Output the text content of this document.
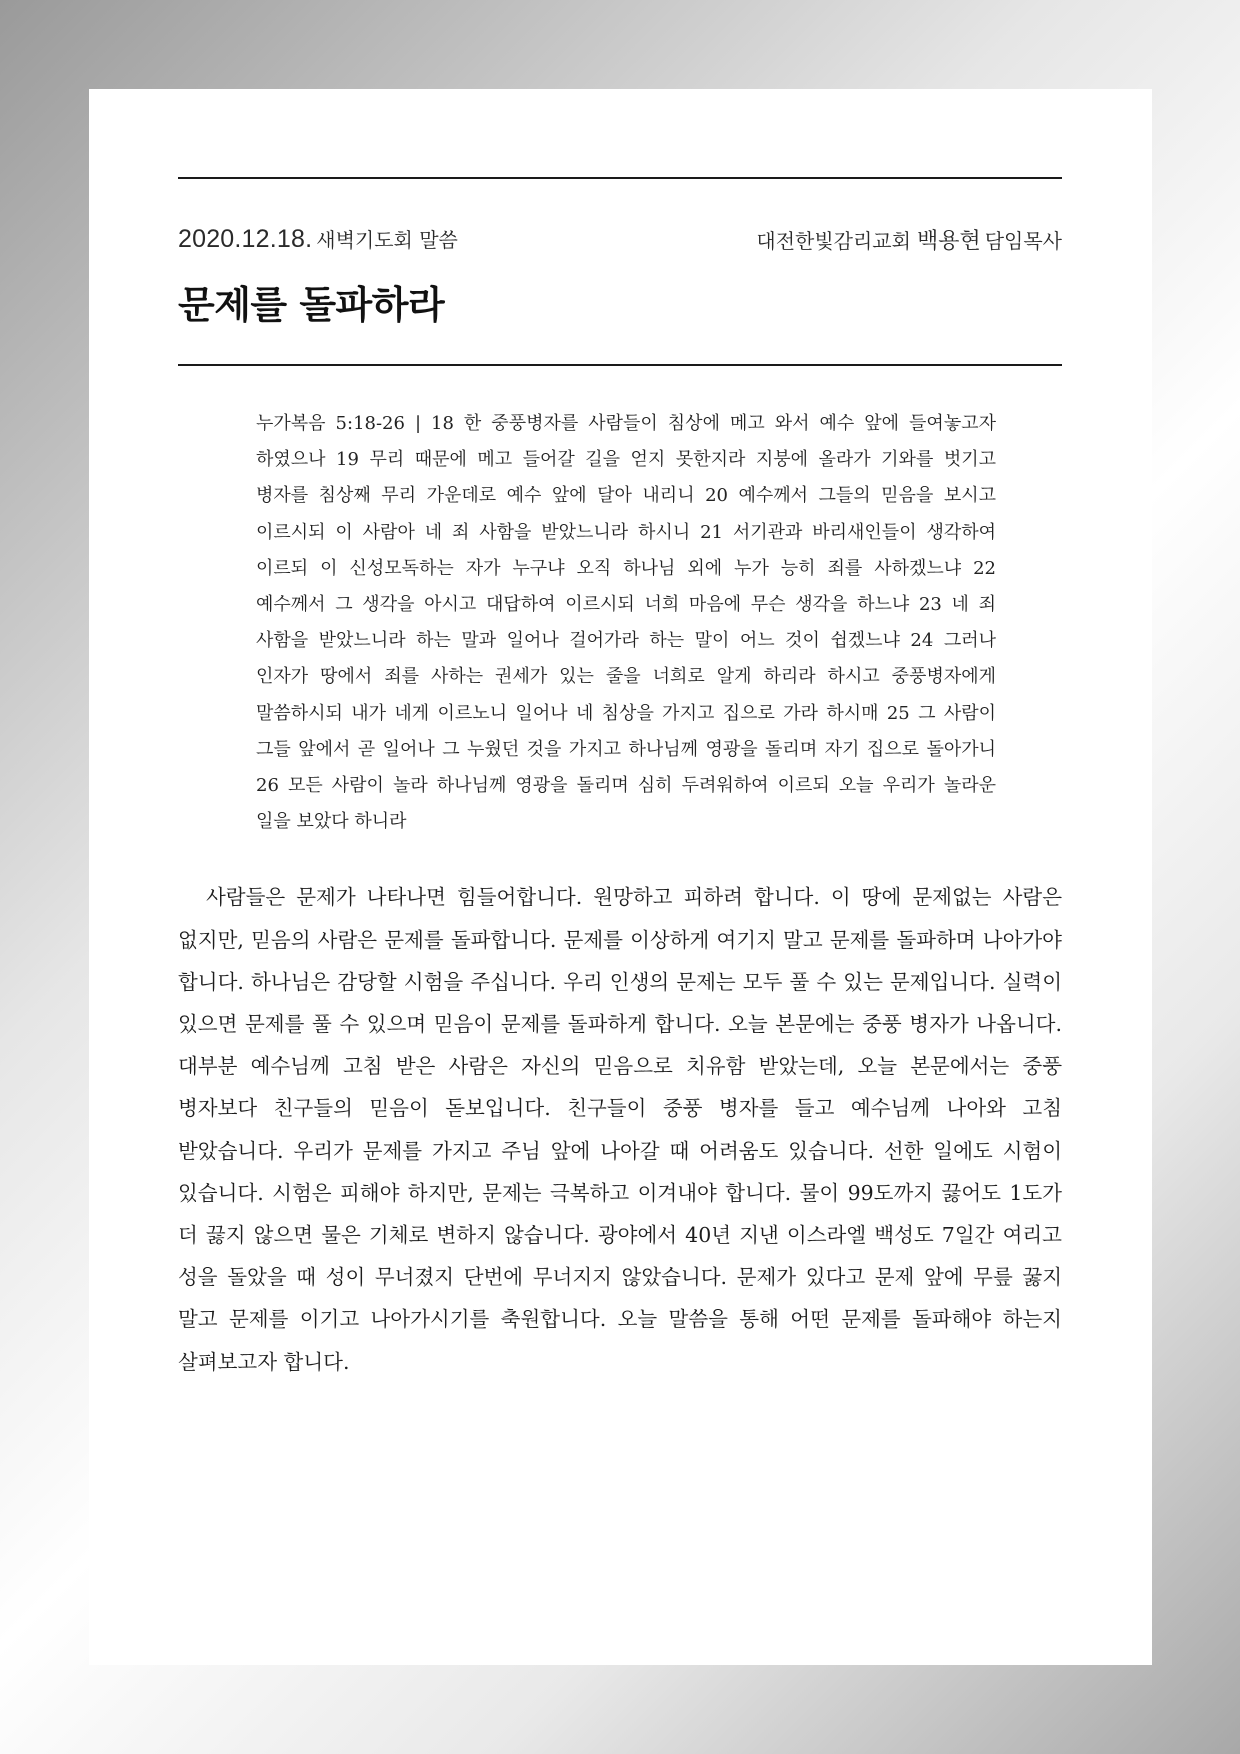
2020.12.18. 새벽기도회 말씀	대전한빛감리교회 백용현 담임목사
문제를 돌파하라
누가복음 5:18-26 | 18 한 중풍병자를 사람들이 침상에 메고 와서 예수 앞에 들여놓고자 하였으나 19 무리 때문에 메고 들어갈 길을 얻지 못한지라 지붕에 올라가 기와를 벗기고 병자를 침상째 무리 가운데로 예수 앞에 달아 내리니 20 예수께서 그들의 믿음을 보시고 이르시되 이 사람아 네 죄 사함을 받았느니라 하시니 21 서기관과 바리새인들이 생각하여 이르되 이 신성모독하는 자가 누구냐 오직 하나님 외에 누가 능히 죄를 사하겠느냐 22 예수께서 그 생각을 아시고 대답하여 이르시되 너희 마음에 무슨 생각을 하느냐 23 네 죄 사함을 받았느니라 하는 말과 일어나 걸어가라 하는 말이 어느 것이 쉽겠느냐 24 그러나 인자가 땅에서 죄를 사하는 권세가 있는 줄을 너희로 알게 하리라 하시고 중풍병자에게 말씀하시되 내가 네게 이르노니 일어나 네 침상을 가지고 집으로 가라 하시매 25 그 사람이 그들 앞에서 곧 일어나 그 누웠던 것을 가지고 하나님께 영광을 돌리며 자기 집으로 돌아가니 26 모든 사람이 놀라 하나님께 영광을 돌리며 심히 두려워하여 이르되 오늘 우리가 놀라운 일을 보았다 하니라
사람들은 문제가 나타나면 힘들어합니다. 원망하고 피하려 합니다. 이 땅에 문제없는 사람은 없지만, 믿음의 사람은 문제를 돌파합니다. 문제를 이상하게 여기지 말고 문제를 돌파하며 나아가야 합니다. 하나님은 감당할 시험을 주십니다. 우리 인생의 문제는 모두 풀 수 있는 문제입니다. 실력이 있으면 문제를 풀 수 있으며 믿음이 문제를 돌파하게 합니다. 오늘 본문에는 중풍 병자가 나옵니다. 대부분 예수님께 고침 받은 사람은 자신의 믿음으로 치유함 받았는데, 오늘 본문에서는 중풍 병자보다 친구들의 믿음이 돋보입니다. 친구들이 중풍 병자를 들고 예수님께 나아와 고침 받았습니다. 우리가 문제를 가지고 주님 앞에 나아갈 때 어려움도 있습니다. 선한 일에도 시험이 있습니다. 시험은 피해야 하지만, 문제는 극복하고 이겨내야 합니다. 물이 99도까지 끓어도 1도가 더 끓지 않으면 물은 기체로 변하지 않습니다. 광야에서 40년 지낸 이스라엘 백성도 7일간 여리고 성을 돌았을 때 성이 무너졌지 단번에 무너지지 않았습니다. 문제가 있다고 문제 앞에 무릎 꿇지 말고 문제를 이기고 나아가시기를 축원합니다. 오늘 말씀을 통해 어떤 문제를 돌파해야 하는지 살펴보고자 합니다.
